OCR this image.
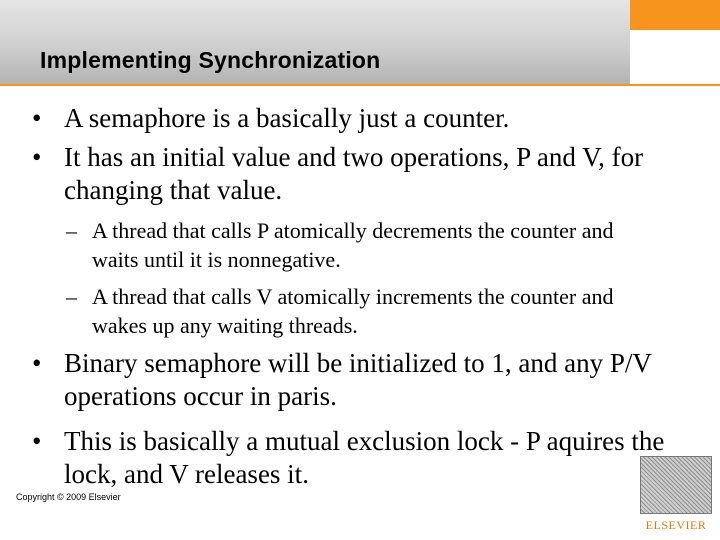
Implementing Synchronization
• A semaphore is a basically just a counter.
• It has an initial value and two operations, P and V, for changing that value.
– A thread that calls P atomically decrements the counter and waits until it is nonnegative.
– A thread that calls V atomically increments the counter and wakes up any waiting threads.
• Binary semaphore will be initialized to 1, and any P/V operations occur in paris.
• This is basically a mutual exclusion lock - P aquires the lock, and V releases it.
Copyright © 2009 Elsevier
ELSEVIER
